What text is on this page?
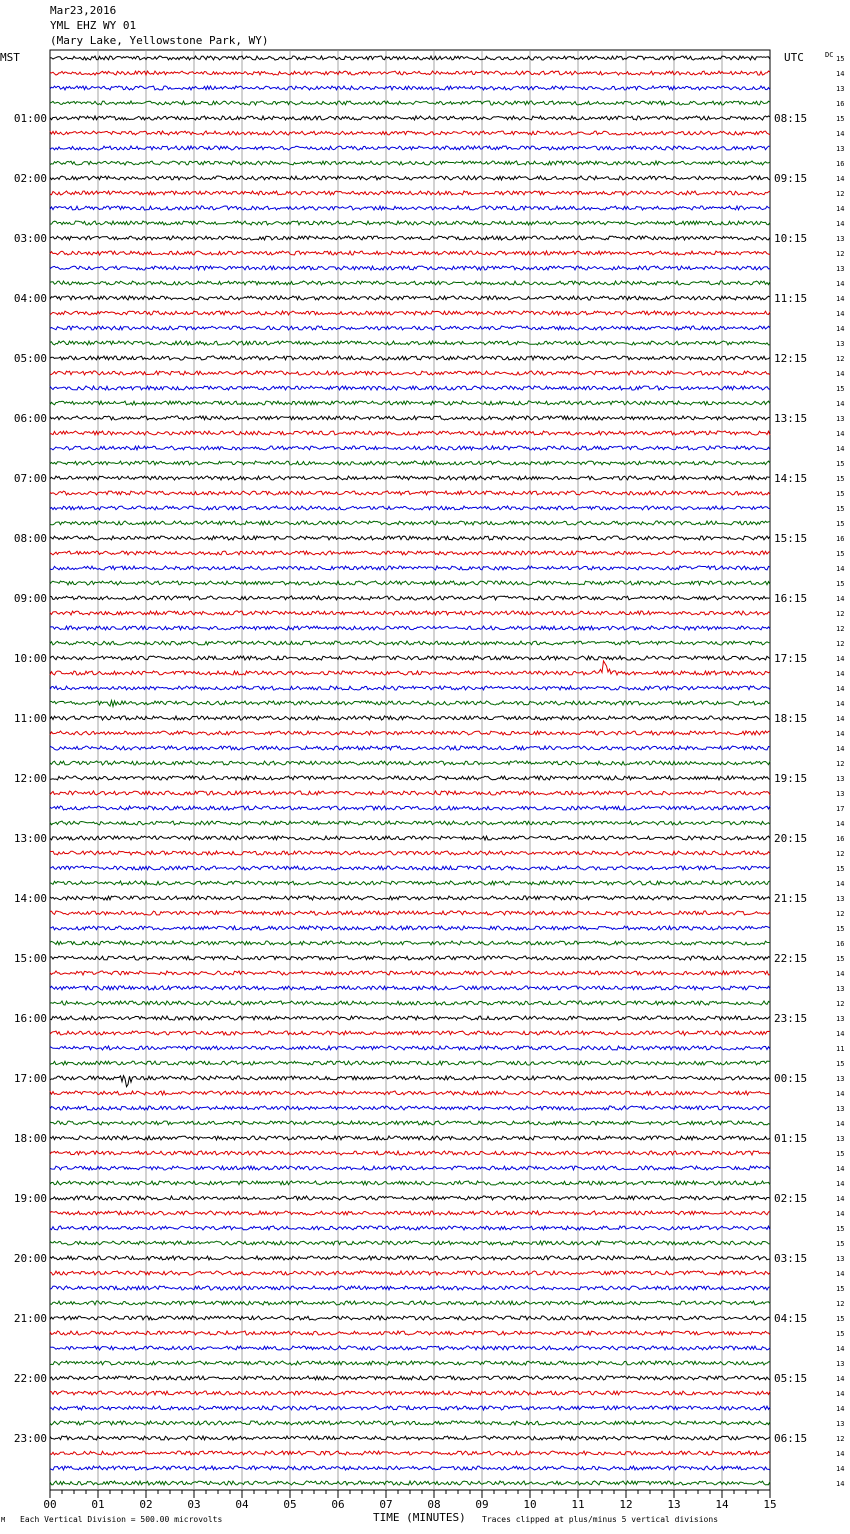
Mar23,2016
YML EHZ WY 01
(Mary Lake, Yellowstone Park, WY)
MST	UTC
01:00	08:15
02:00	09:15
03:00	10:15
04:00	11:15
05:00	12:15
06:00	13:15
07:00	14:15
08:00	15:15
09:00	16:15
10:00	17:15
11:00	18:15
12:00	19:15
13:00	20:15
14:00	21:15
15:00	22:15
16:00	23:15
17:00	00:15
18:00	01:15
19:00	02:15
20:00	03:15
21:00	04:15
22:00	05:15
23:00	06:15
DC 15
14
13
16
15
14
13
16
14
12
14
14
13
12
13
14
14
14
14
13
12
14
15
14
13
14
14
15
15
15
15
15
16
15
14
15
14
12
12
12
14
14
14
14
14
14
14
12
13
13
17
14
16
12
15
14
13
12
15
16
15
14
13
12
13
14
11
15
13
14
13
14
13
15
14
14
14
14
15
15
13
14
15
12
15
15
14
13
14
14
14
13
12
14
14
14
00	01	02	03	04	05	06	07	08	09	10	11	12	13	14	15
M Each Vertical Division = 500.00 microvolts	TIME (MINUTES) Traces clipped at plus/minus 5 vertical divisions
